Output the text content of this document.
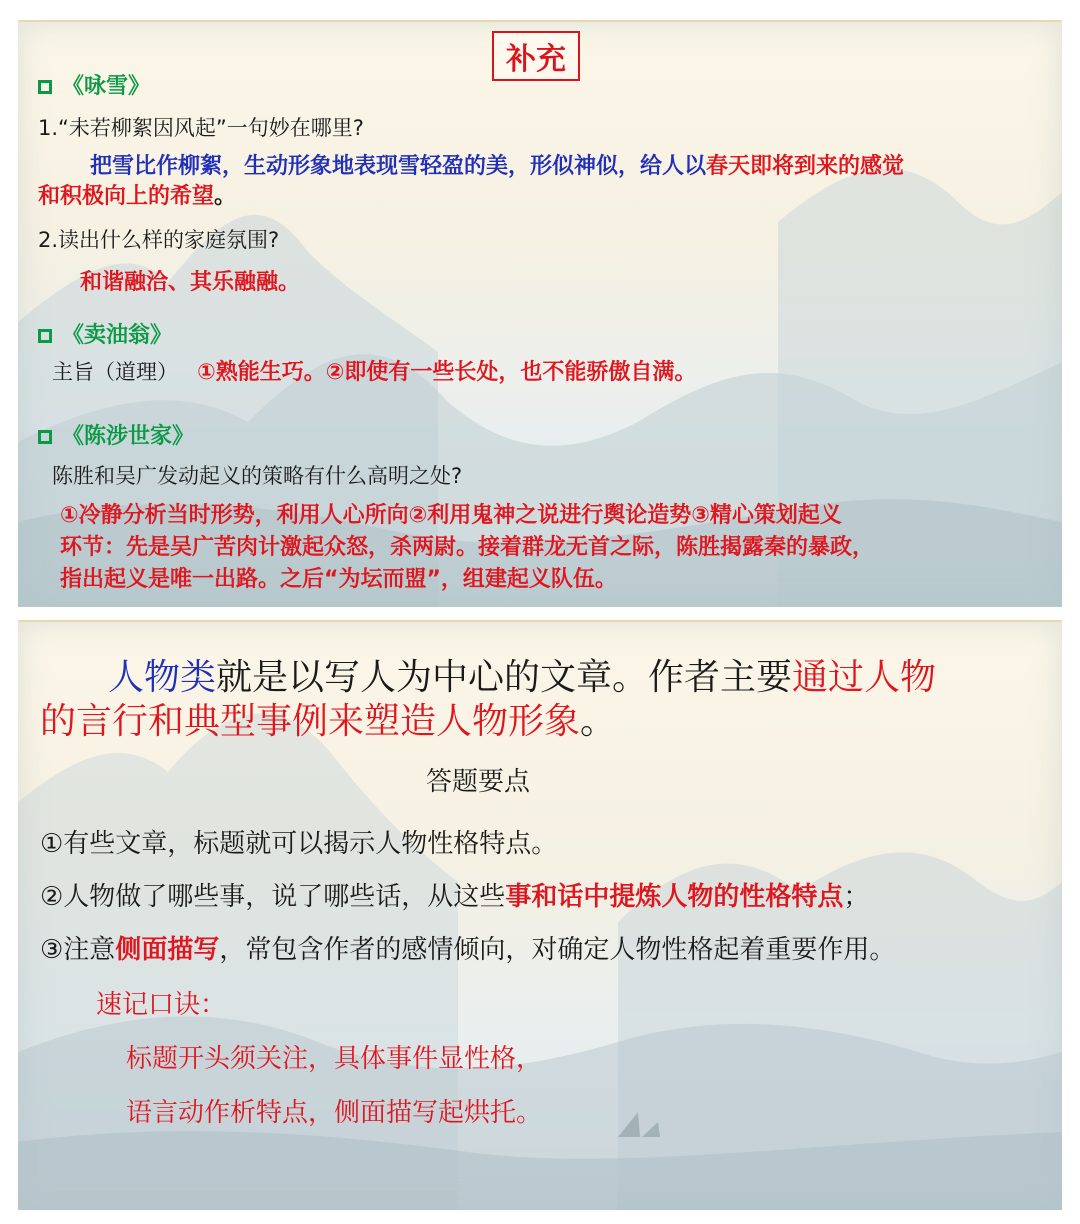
补充
《咏雪》
1.“未若柳絮因风起”一句妙在哪里?
把雪比作柳絮，生动形象地表现雪轻盈的美，形似神似，给人以春天即将到来的感觉
和积极向上的希望。
2.读出什么样的家庭氛围?
和谐融洽、其乐融融。
《卖油翁》
主旨（道理） ①熟能生巧。②即使有一些长处，也不能骄傲自满。
《陈涉世家》
陈胜和吴广发动起义的策略有什么高明之处?
①冷静分析当时形势，利用人心所向②利用鬼神之说进行舆论造势③精心策划起义
环节：先是吴广苦肉计激起众怒，杀两尉。接着群龙无首之际，陈胜揭露秦的暴政，
指出起义是唯一出路。之后“为坛而盟”，组建起义队伍。
人物类就是以写人为中心的文章。作者主要通过人物
的言行和典型事例来塑造人物形象。
答题要点
①有些文章，标题就可以揭示人物性格特点。
②人物做了哪些事，说了哪些话，从这些事和话中提炼人物的性格特点；
③注意侧面描写，常包含作者的感情倾向，对确定人物性格起着重要作用。
速记口诀：
标题开头须关注，具体事件显性格，
语言动作析特点，侧面描写起烘托。
